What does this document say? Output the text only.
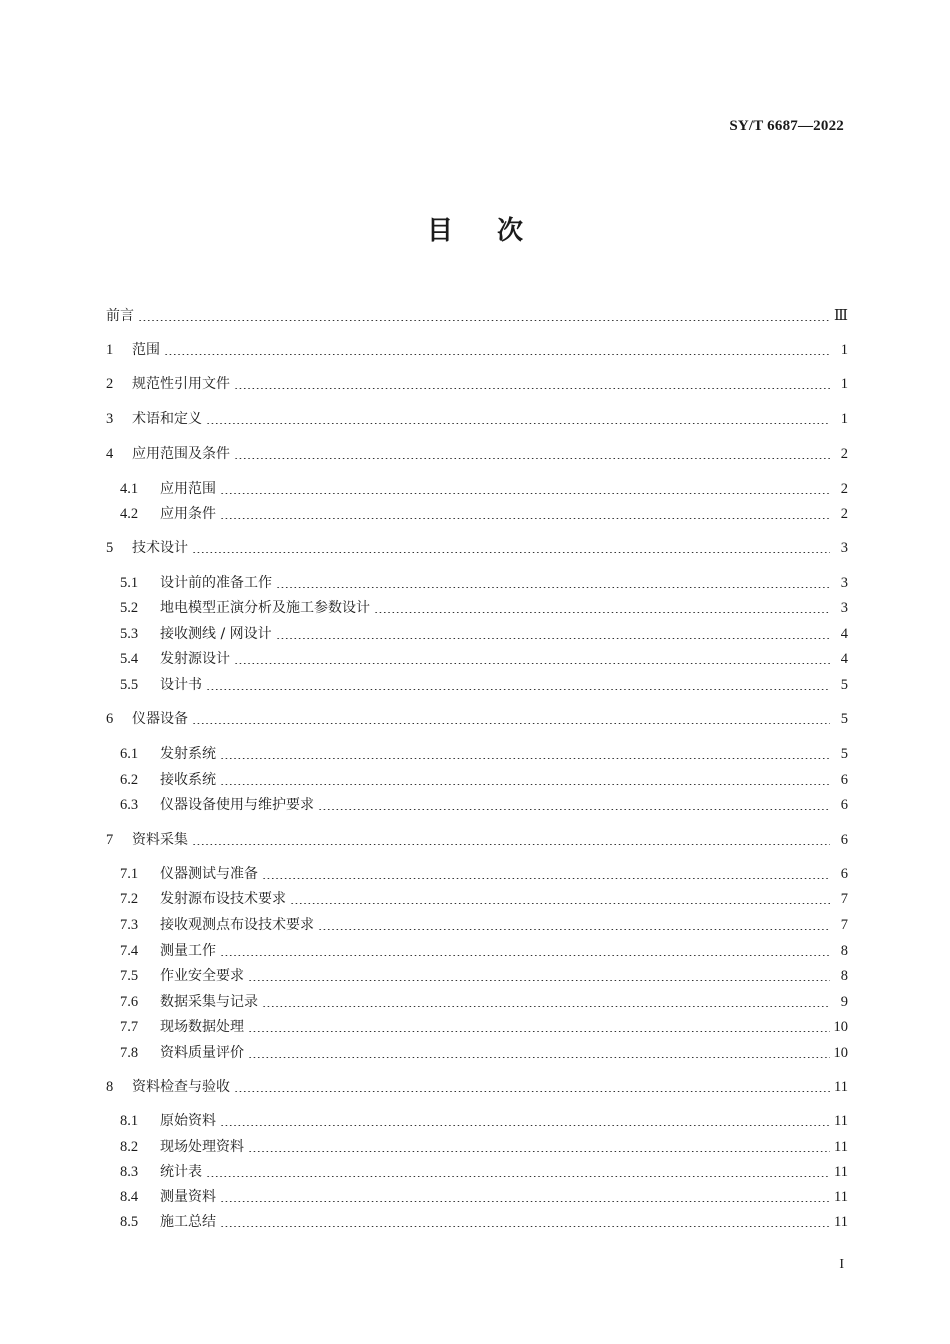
SY/T 6687—2022
目次
前言	Ⅲ
1	范围	1
2	规范性引用文件	1
3	术语和定义	1
4	应用范围及条件	2
4.1	应用范围	2
4.2	应用条件	2
5	技术设计	3
5.1	设计前的准备工作	3
5.2	地电模型正演分析及施工参数设计	3
5.3	接收测线 / 网设计	4
5.4	发射源设计	4
5.5	设计书	5
6	仪器设备	5
6.1	发射系统	5
6.2	接收系统	6
6.3	仪器设备使用与维护要求	6
7	资料采集	6
7.1	仪器测试与准备	6
7.2	发射源布设技术要求	7
7.3	接收观测点布设技术要求	7
7.4	测量工作	8
7.5	作业安全要求	8
7.6	数据采集与记录	9
7.7	现场数据处理	10
7.8	资料质量评价	10
8	资料检查与验收	11
8.1	原始资料	11
8.2	现场处理资料	11
8.3	统计表	11
8.4	测量资料	11
8.5	施工总结	11
I
